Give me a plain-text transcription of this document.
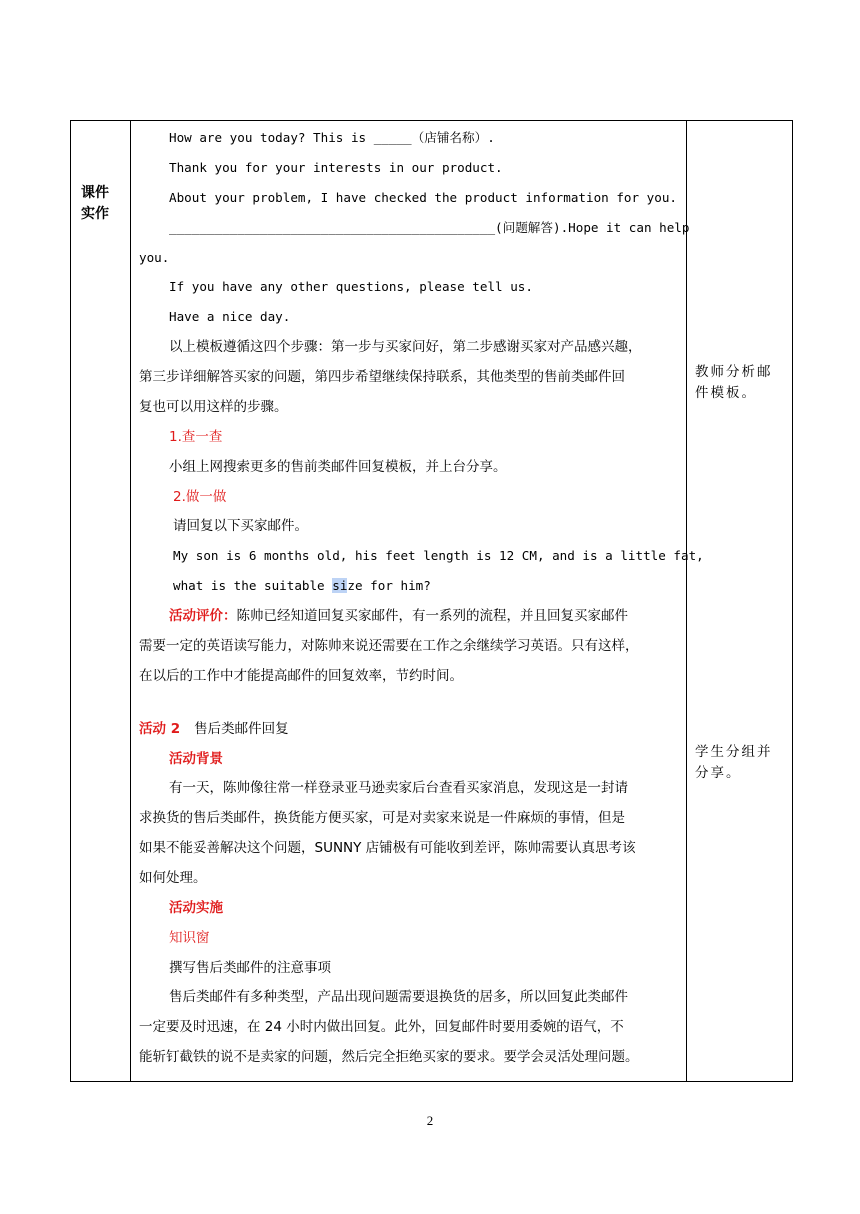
课件
实作

How are you today? This is _____（店铺名称）.
Thank you for your interests in our product.
About your problem, I have checked the product information for you.
___________________________________________(问题解答).Hope it can help
you.
If you have any other questions, please tell us.
Have a nice day.
以上模板遵循这四个步骤：第一步与买家问好，第二步感谢买家对产品感兴趣，
第三步详细解答买家的问题，第四步希望继续保持联系，其他类型的售前类邮件回
复也可以用这样的步骤。
1.查一查
小组上网搜索更多的售前类邮件回复模板，并上台分享。
2.做一做
请回复以下买家邮件。
My son is 6 months old, his feet length is 12 CM, and is a little fat,
what is the suitable size for him?
活动评价：陈帅已经知道回复买家邮件，有一系列的流程，并且回复买家邮件
需要一定的英语读写能力，对陈帅来说还需要在工作之余继续学习英语。只有这样，
在以后的工作中才能提高邮件的回复效率，节约时间。
活动 2 售后类邮件回复
活动背景
有一天，陈帅像往常一样登录亚马逊卖家后台查看买家消息，发现这是一封请
求换货的售后类邮件，换货能方便买家，可是对卖家来说是一件麻烦的事情，但是
如果不能妥善解决这个问题，SUNNY 店铺极有可能收到差评，陈帅需要认真思考该
如何处理。
活动实施
知识窗
撰写售后类邮件的注意事项
售后类邮件有多种类型，产品出现问题需要退换货的居多，所以回复此类邮件
一定要及时迅速，在 24 小时内做出回复。此外，回复邮件时要用委婉的语气，不
能斩钉截铁的说不是卖家的问题，然后完全拒绝买家的要求。要学会灵活处理问题。

教师分析邮件模板。
学生分组并分享。
2
